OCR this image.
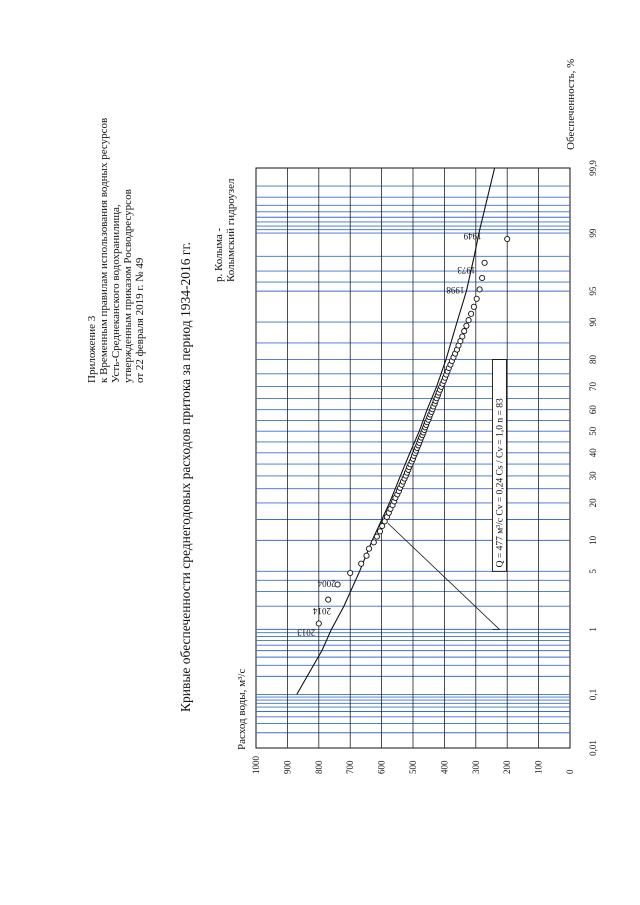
Приложение 3 к Временным правилам использования водных ресурсов Усть-Среднеканского водохранилища, утвержденным приказом Росводресурсов от 22 февраля 2019 г. № 49 Кривые обеспеченности среднегодовых расходов притока за период 1934-2016 гг. р. Колыма - Колымский гидроузел
Расход воды, м³/с
Обеспеченность, %
1000 900 800 700 600 500 400 300 200 100 0
0,01
0,1
1
5
10
20
30
40
50
60
70
80
90
95
99
99,9
Q = 477 м³/с Cv = 0,24 Cs / Cv = 1,0 n = 83
2013
2014
2004
1998
1973
1949
